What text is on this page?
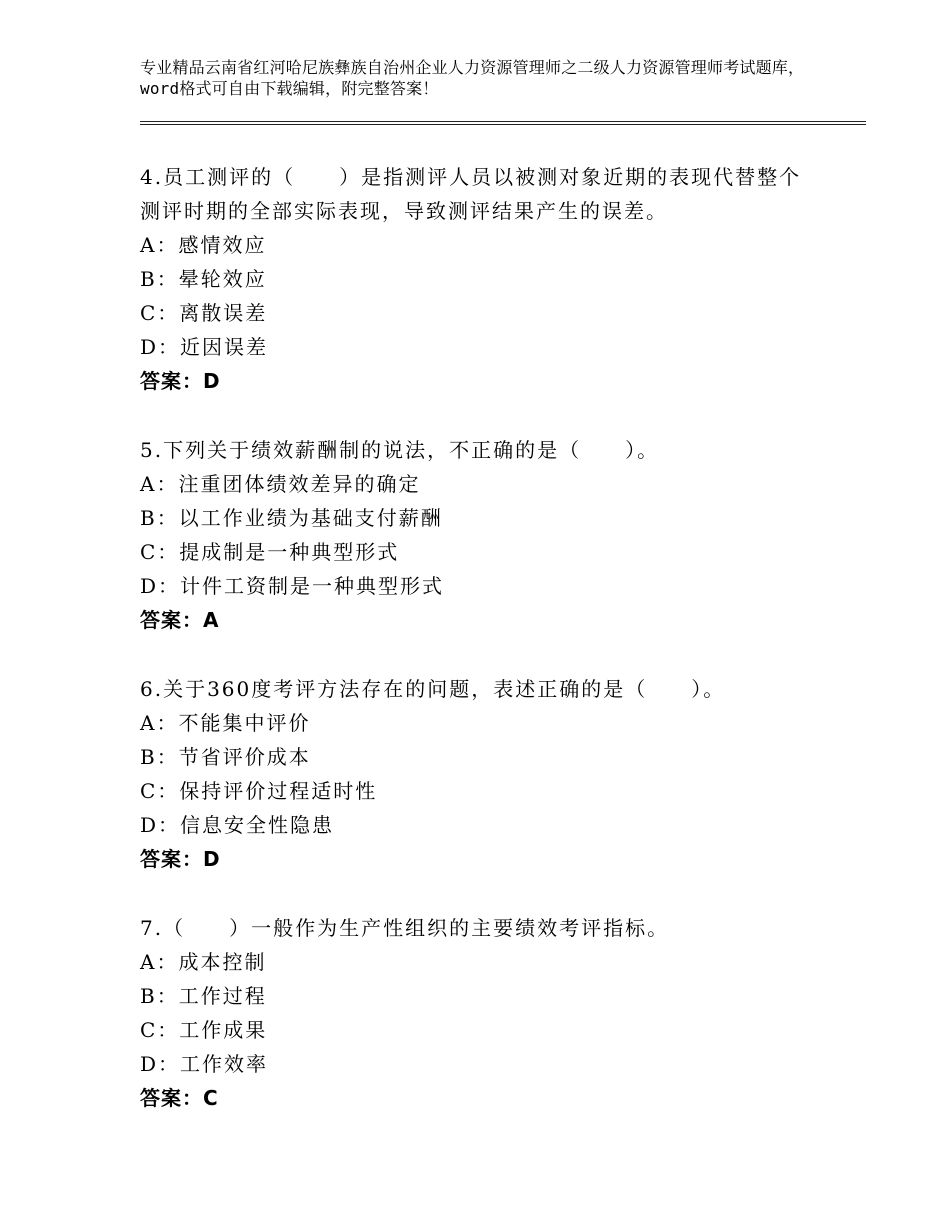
专业精品云南省红河哈尼族彝族自治州企业人力资源管理师之二级人力资源管理师考试题库，word格式可自由下载编辑，附完整答案！
4.员工测评的（　　）是指测评人员以被测对象近期的表现代替整个测评时期的全部实际表现，导致测评结果产生的误差。
A：感情效应
B：晕轮效应
C：离散误差
D：近因误差
答案：D
5.下列关于绩效薪酬制的说法，不正确的是（　　）。
A：注重团体绩效差异的确定
B：以工作业绩为基础支付薪酬
C：提成制是一种典型形式
D：计件工资制是一种典型形式
答案：A
6.关于360度考评方法存在的问题，表述正确的是（　　）。
A：不能集中评价
B：节省评价成本
C：保持评价过程适时性
D：信息安全性隐患
答案：D
7.（　　）一般作为生产性组织的主要绩效考评指标。
A：成本控制
B：工作过程
C：工作成果
D：工作效率
答案：C
